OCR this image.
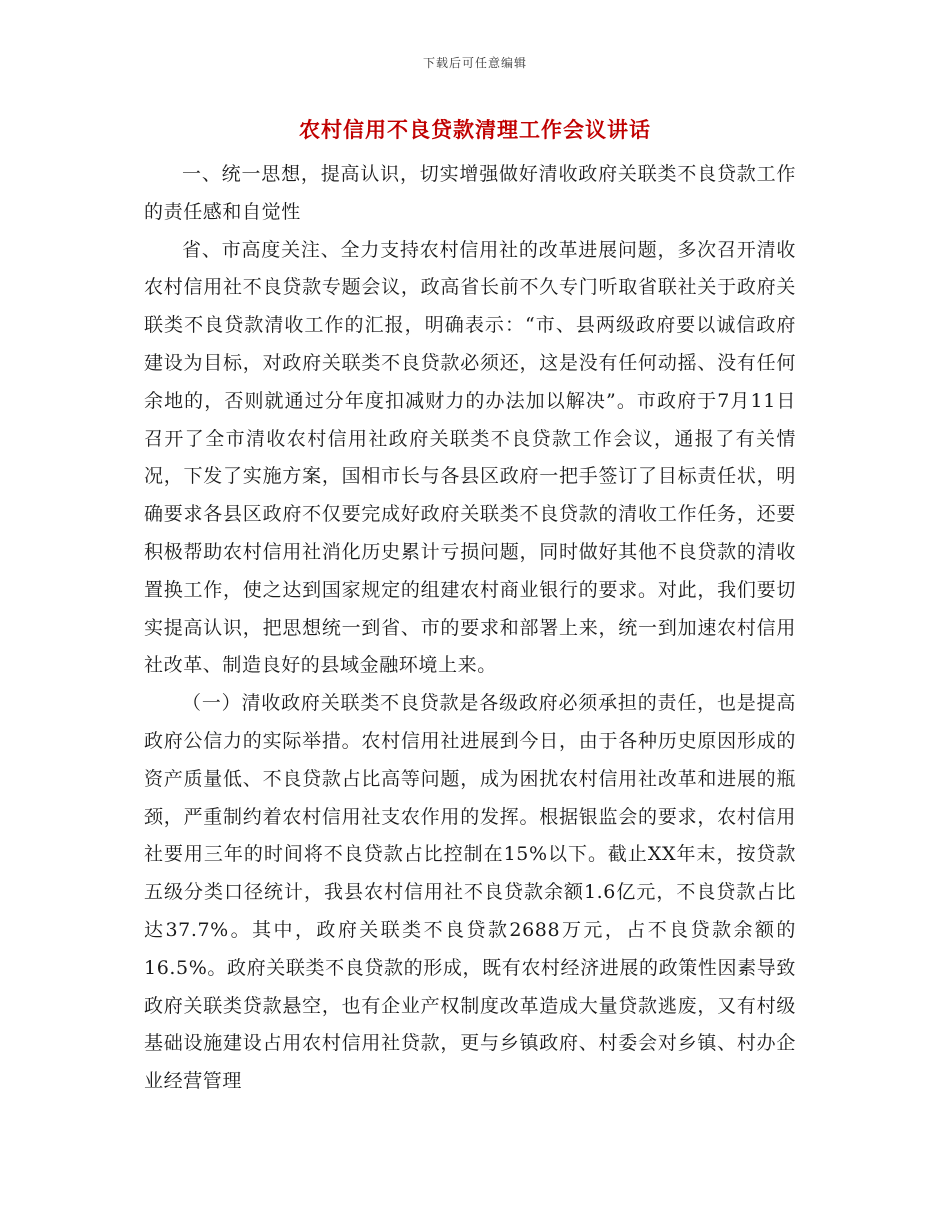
下载后可任意编辑
农村信用不良贷款清理工作会议讲话

一、统一思想，提高认识，切实增强做好清收政府关联类不良贷款工作的责任感和自觉性

省、市高度关注、全力支持农村信用社的改革进展问题，多次召开清收农村信用社不良贷款专题会议，政高省长前不久专门听取省联社关于政府关联类不良贷款清收工作的汇报，明确表示：“市、县两级政府要以诚信政府建设为目标，对政府关联类不良贷款必须还，这是没有任何动摇、没有任何余地的，否则就通过分年度扣减财力的办法加以解决”。市政府于7月11日召开了全市清收农村信用社政府关联类不良贷款工作会议，通报了有关情况，下发了实施方案，国相市长与各县区政府一把手签订了目标责任状，明确要求各县区政府不仅要完成好政府关联类不良贷款的清收工作任务，还要积极帮助农村信用社消化历史累计亏损问题，同时做好其他不良贷款的清收置换工作，使之达到国家规定的组建农村商业银行的要求。对此，我们要切实提高认识，把思想统一到省、市的要求和部署上来，统一到加速农村信用社改革、制造良好的县域金融环境上来。

（一）清收政府关联类不良贷款是各级政府必须承担的责任，也是提高政府公信力的实际举措。农村信用社进展到今日，由于各种历史原因形成的资产质量低、不良贷款占比高等问题，成为困扰农村信用社改革和进展的瓶颈，严重制约着农村信用社支农作用的发挥。根据银监会的要求，农村信用社要用三年的时间将不良贷款占比控制在15%以下。截止XX年末，按贷款五级分类口径统计，我县农村信用社不良贷款余额1.6亿元，不良贷款占比达37.7%。其中，政府关联类不良贷款2688万元，占不良贷款余额的16.5%。政府关联类不良贷款的形成，既有农村经济进展的政策性因素导致政府关联类贷款悬空，也有企业产权制度改革造成大量贷款逃废，又有村级基础设施建设占用农村信用社贷款，更与乡镇政府、村委会对乡镇、村办企业经营管理
